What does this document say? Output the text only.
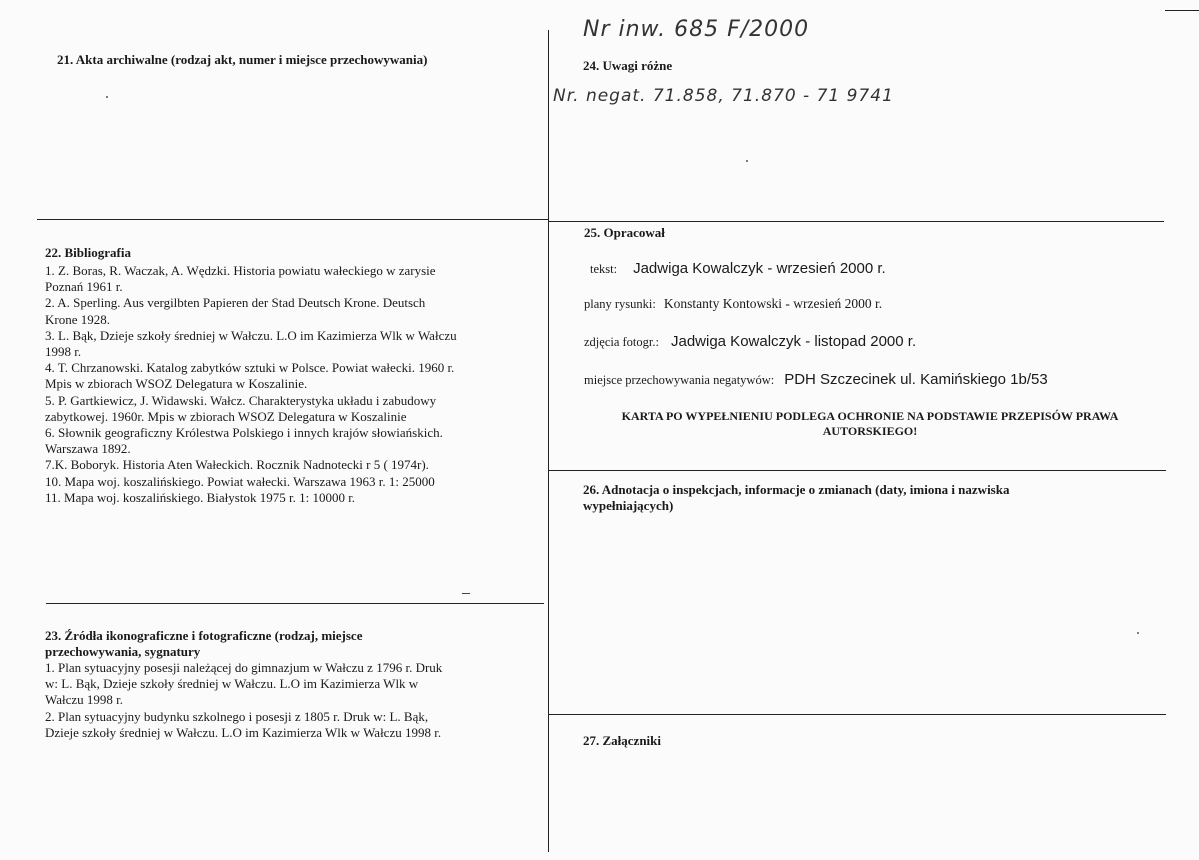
21. Akta archiwalne (rodzaj akt, numer i miejsce przechowywania)
Nr inw. 685 F/2000
24. Uwagi różne
Nr. negat. 71.858, 71.870 - 71 9741
22. Bibliografia
1. Z. Boras, R. Waczak, A. Wędzki. Historia powiatu wałeckiego w zarysie
Poznań 1961 r.
2. A. Sperling. Aus vergilbten Papieren der Stad Deutsch Krone. Deutsch
Krone 1928.
3. L. Bąk, Dzieje szkoły średniej w Wałczu. L.O im Kazimierza Wlk w Wałczu
1998 r.
4. T. Chrzanowski. Katalog zabytków sztuki w Polsce. Powiat wałecki. 1960 r.
Mpis w zbiorach WSOZ Delegatura w Koszalinie.
5. P. Gartkiewicz, J. Widawski. Wałcz. Charakterystyka układu i zabudowy
zabytkowej. 1960r. Mpis w zbiorach WSOZ Delegatura w Koszalinie
6. Słownik geograficzny Królestwa Polskiego i innych krajów słowiańskich.
Warszawa 1892.
7.K. Boboryk. Historia Aten Wałeckich. Rocznik Nadnotecki r 5 ( 1974r).
10. Mapa woj. koszalińskiego. Powiat wałecki. Warszawa 1963 r. 1: 25000
11. Mapa woj. koszalińskiego. Białystok 1975 r. 1: 10000 r.
23. Źródła ikonograficzne i fotograficzne (rodzaj, miejsce
przechowywania, sygnatury
1. Plan sytuacyjny posesji należącej do gimnazjum w Wałczu z 1796 r. Druk
w: L. Bąk, Dzieje szkoły średniej w Wałczu. L.O im Kazimierza Wlk w
Wałczu 1998 r.
2. Plan sytuacyjny budynku szkolnego i posesji z 1805 r. Druk w: L. Bąk,
Dzieje szkoły średniej w Wałczu. L.O im Kazimierza Wlk w Wałczu 1998 r.
25. Opracował
tekst: Jadwiga Kowalczyk - wrzesień 2000 r.
plany rysunki: Konstanty Kontowski - wrzesień 2000 r.
zdjęcia fotogr.: Jadwiga Kowalczyk - listopad 2000 r.
miejsce przechowywania negatywów: PDH Szczecinek ul. Kamińskiego 1b/53
KARTA PO WYPEŁNIENIU PODLEGA OCHRONIE NA PODSTAWIE PRZEPISÓW PRAWA
AUTORSKIEGO!
26. Adnotacja o inspekcjach, informacje o zmianach (daty, imiona i nazwiska
wypełniających)
27. Załączniki
